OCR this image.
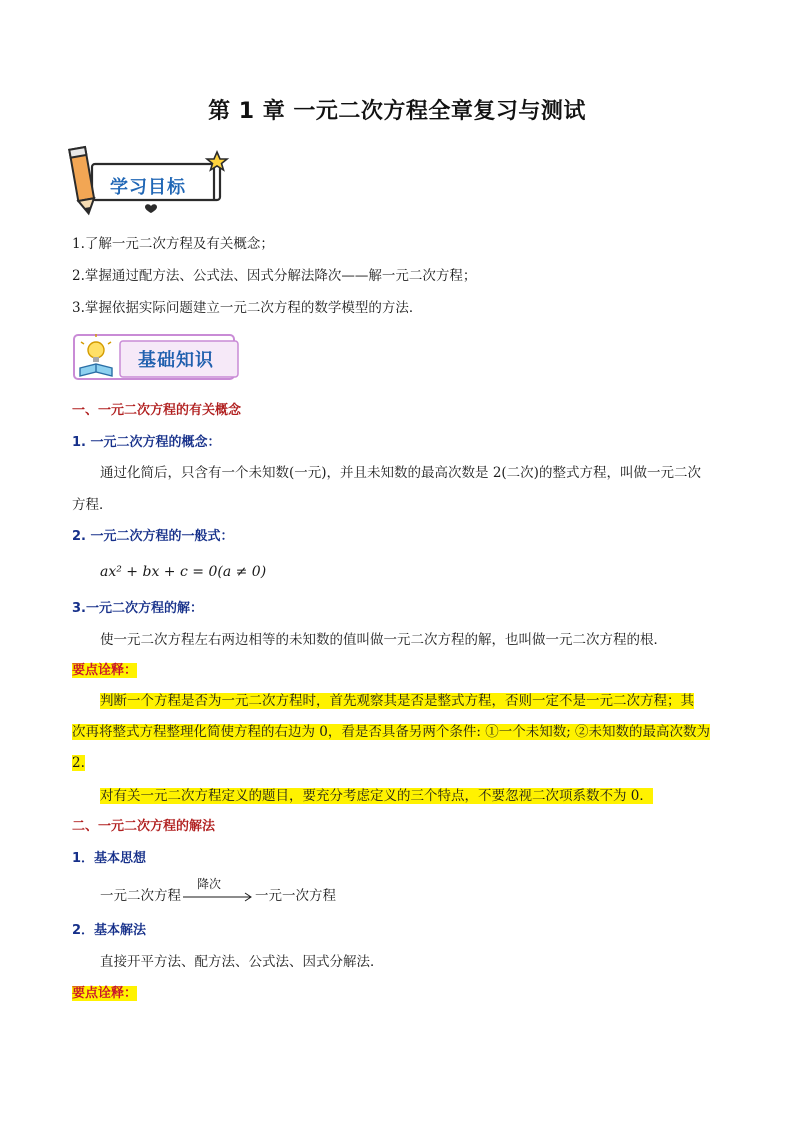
第 1 章 一元二次方程全章复习与测试
学习目标
1.了解一元二次方程及有关概念；
2.掌握通过配方法、公式法、因式分解法降次——解一元二次方程；
3.掌握依据实际问题建立一元二次方程的数学模型的方法．
基础知识
一、一元二次方程的有关概念
1. 一元二次方程的概念：
通过化简后，只含有一个未知数(一元)，并且未知数的最高次数是 2(二次)的整式方程，叫做一元二次
方程．
2. 一元二次方程的一般式：
ax² + bx + c = 0(a ≠ 0)
3.一元二次方程的解：
使一元二次方程左右两边相等的未知数的值叫做一元二次方程的解，也叫做一元二次方程的根．
要点诠释：
判断一个方程是否为一元二次方程时，首先观察其是否是整式方程，否则一定不是一元二次方程；其
次再将整式方程整理化简使方程的右边为 0，看是否具备另两个条件: ①一个未知数; ②未知数的最高次数为
2.
对有关一元二次方程定义的题目，要充分考虑定义的三个特点，不要忽视二次项系数不为 0．
二、一元二次方程的解法
1．基本思想
一元二次方程
降次
一元一次方程
2．基本解法
直接开平方法、配方法、公式法、因式分解法．
要点诠释：
